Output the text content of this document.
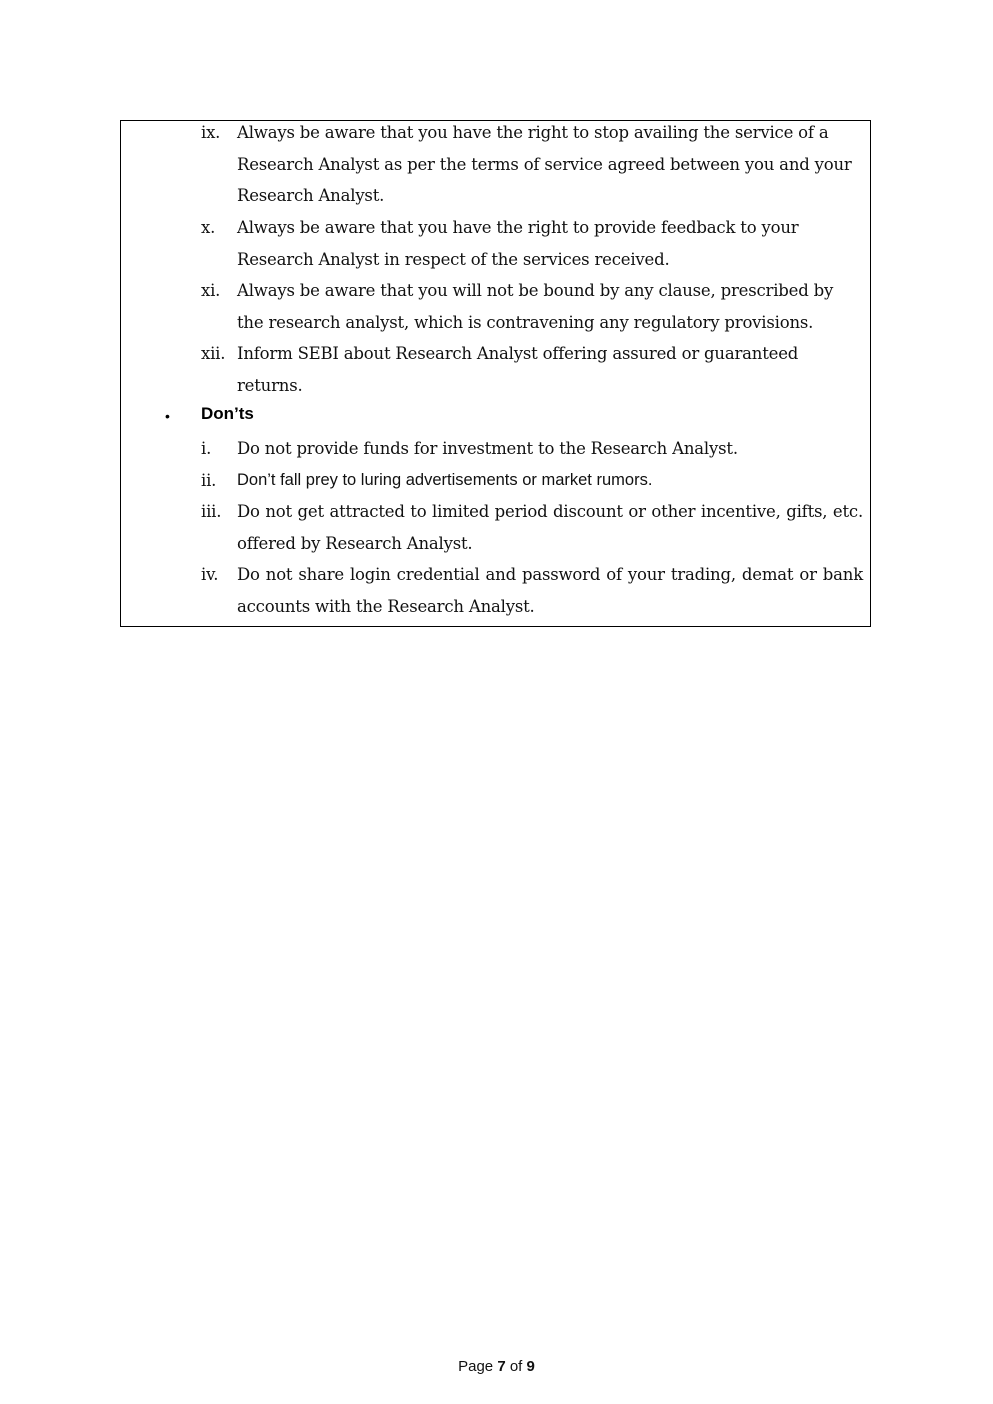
ix. Always be aware that you have the right to stop availing the service of a Research Analyst as per the terms of service agreed between you and your Research Analyst.
x. Always be aware that you have the right to provide feedback to your Research Analyst in respect of the services received.
xi. Always be aware that you will not be bound by any clause, prescribed by the research analyst, which is contravening any regulatory provisions.
xii. Inform SEBI about Research Analyst offering assured or guaranteed returns.
• Don’ts
i. Do not provide funds for investment to the Research Analyst.
ii. Don’t fall prey to luring advertisements or market rumors.
iii. Do not get attracted to limited period discount or other incentive, gifts, etc. offered by Research Analyst.
iv. Do not share login credential and password of your trading, demat or bank accounts with the Research Analyst.
Page 7 of 9
